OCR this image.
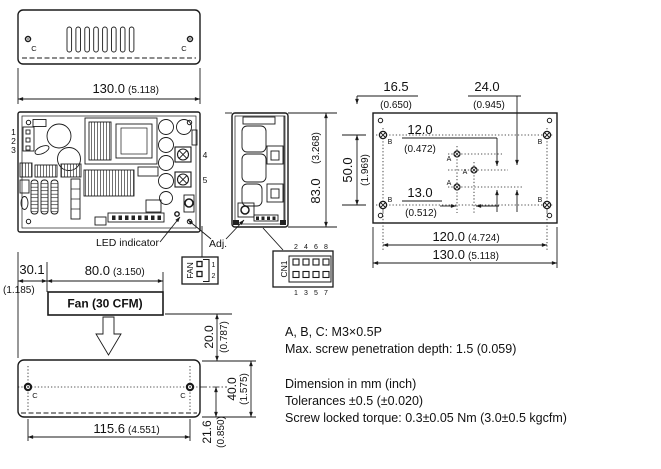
C	C
130.0 (5.118)
1
2
3	4
5
LED indicator	Adj.
FAN 1
2	CN1
2 4 6 8
1 3 5 7
30.1
(1.185)
80.0 (3.150)
Fan (30 CFM)
C	C
115.6 (4.551)
20.0 (0.787)
40.0 (1.575)
21.6 (0.850)
83.0
(3.268)
50.0 (1.969)
B	B
B	B
A
A
A
16.5
(0.650)
24.0
(0.945)
12.0
(0.472)
13.0
(0.512)
120.0 (4.724)
130.0 (5.118)
A, B, C: M3×0.5P
Max. screw penetration depth: 1.5 (0.059)
Dimension in mm (inch)
Tolerances ±0.5 (±0.020)
Screw locked torque: 0.3±0.05 Nm (3.0±0.5 kgcfm)
